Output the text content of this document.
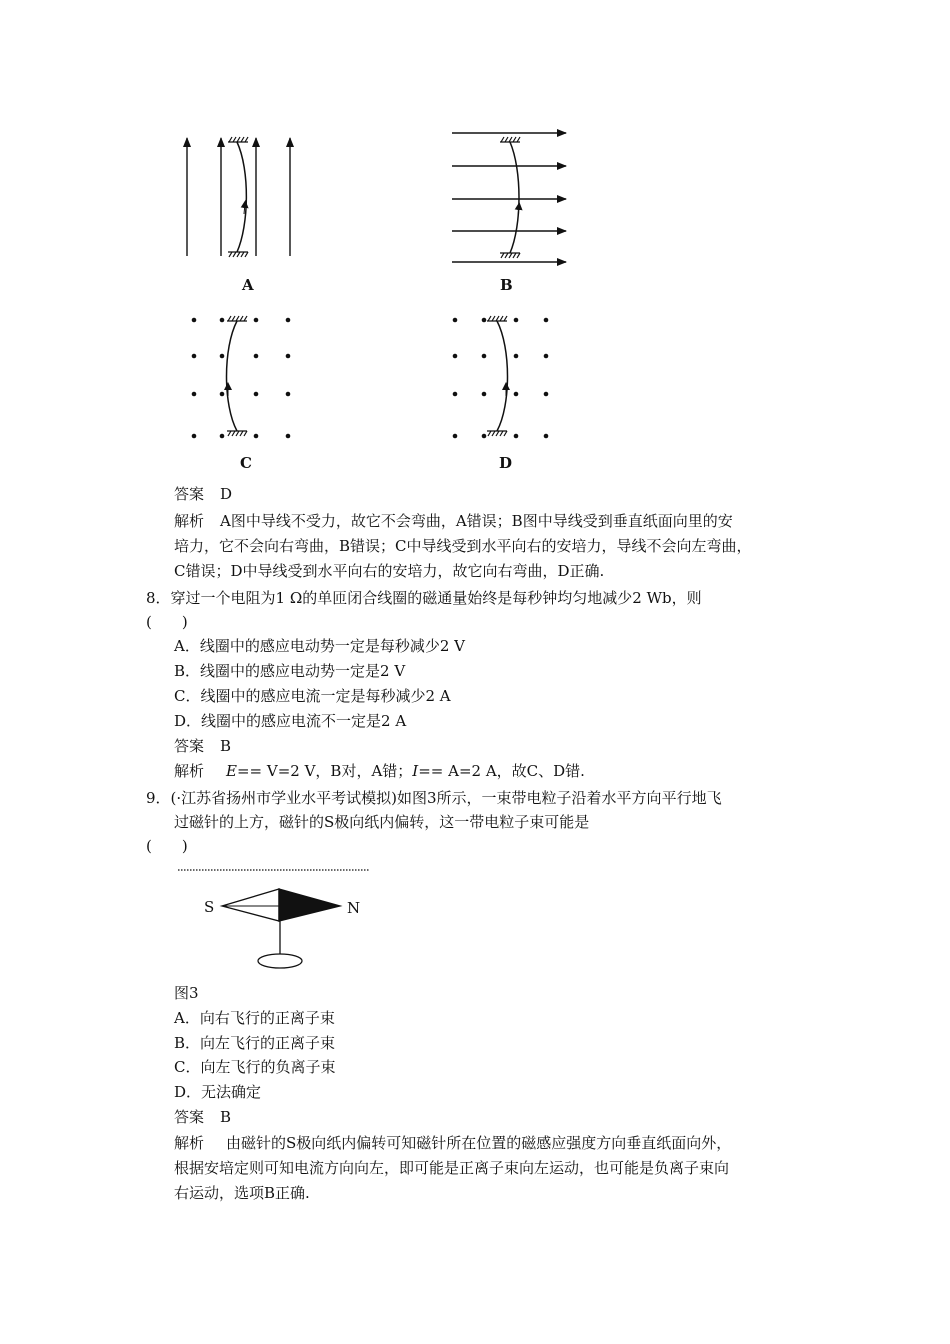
A	B
C	D
答案 D
解析 A图中导线不受力，故它不会弯曲，A错误；B图中导线受到垂直纸面向里的安
培力，它不会向右弯曲，B错误；C中导线受到水平向右的安培力，导线不会向左弯曲，
C错误；D中导线受到水平向右的安培力，故它向右弯曲，D正确.
8．穿过一个电阻为1 Ω的单匝闭合线圈的磁通量始终是每秒钟均匀地减少2 Wb，则
(　　)
A．线圈中的感应电动势一定是每秒减少2 V
B．线圈中的感应电动势一定是2 V
C．线圈中的感应电流一定是每秒减少2 A
D．线圈中的感应电流不一定是2 A
答案 B
解析 E== V=2 V，B对，A错；I== A=2 A，故C、D错.
9．(·江苏省扬州市学业水平考试模拟)如图3所示，一束带电粒子沿着水平方向平行地飞
过磁针的上方，磁针的S极向纸内偏转，这一带电粒子束可能是
(　　)
S	N
图3
A．向右飞行的正离子束
B．向左飞行的正离子束
C．向左飞行的负离子束
D．无法确定
答案 B
解析 由磁针的S极向纸内偏转可知磁针所在位置的磁感应强度方向垂直纸面向外，
根据安培定则可知电流方向向左，即可能是正离子束向左运动，也可能是负离子束向
右运动，选项B正确.
